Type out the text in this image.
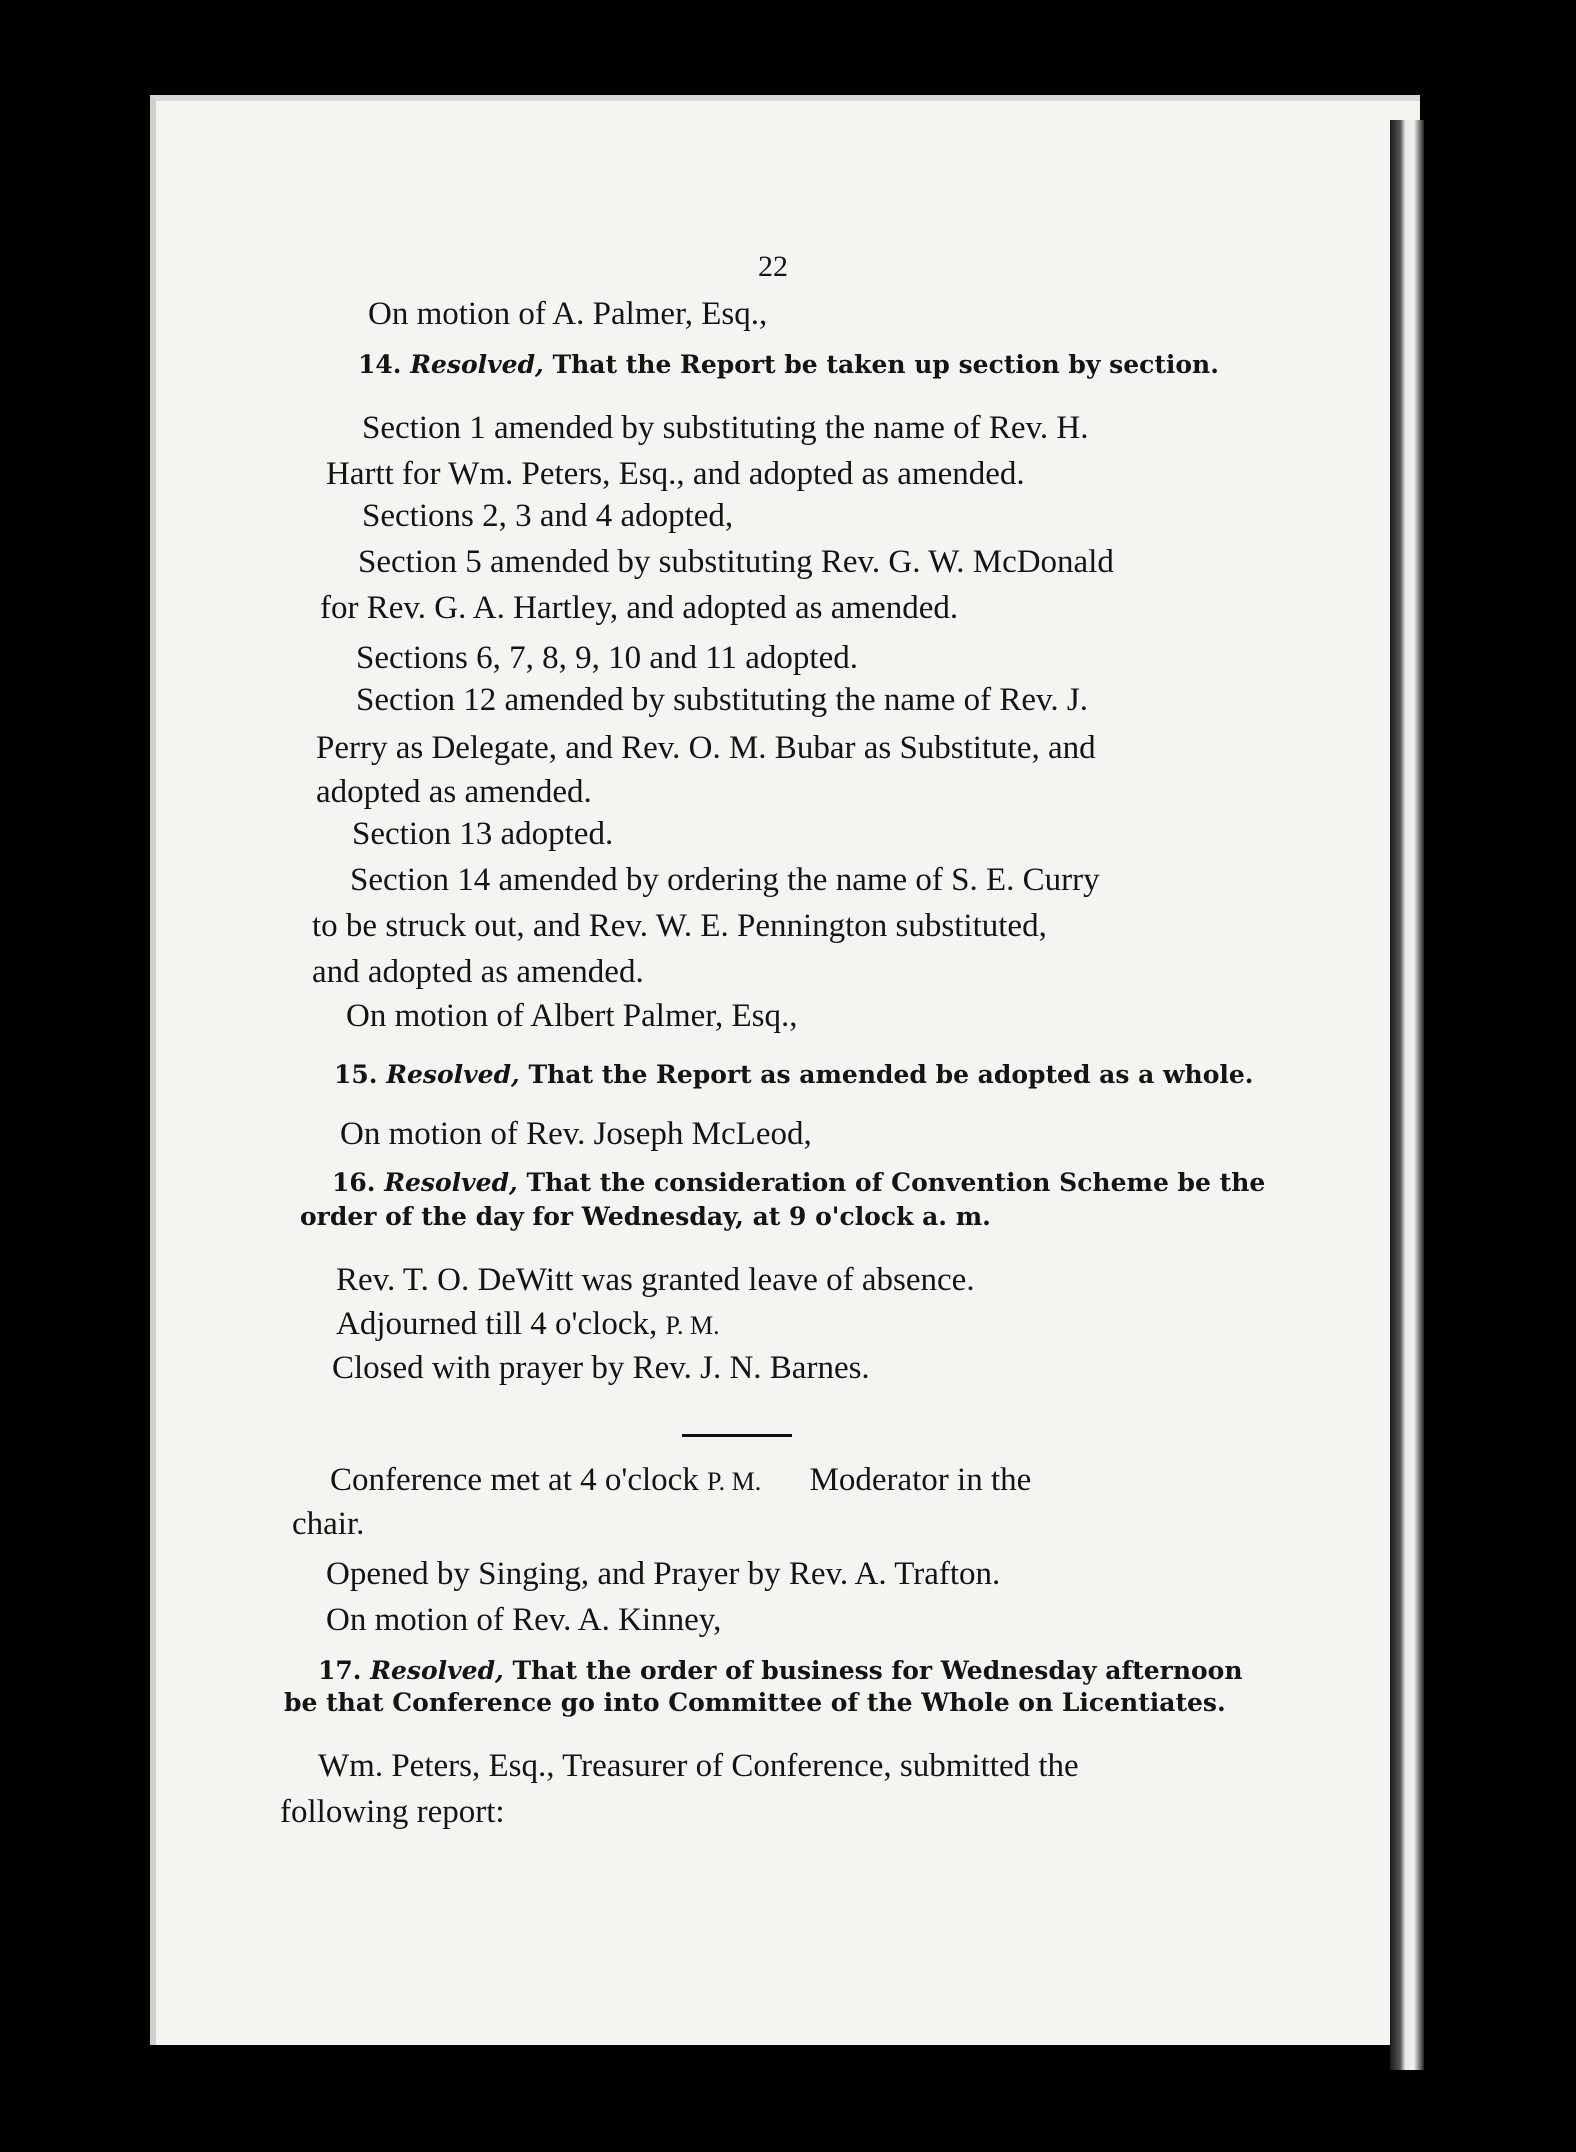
22
On motion of A. Palmer, Esq.,
14. Resolved, That the Report be taken up section by section.
Section 1 amended by substituting the name of Rev. H.
Hartt for Wm. Peters, Esq., and adopted as amended.
Sections 2, 3 and 4 adopted,
Section 5 amended by substituting Rev. G. W. McDonald
for Rev. G. A. Hartley, and adopted as amended.
Sections 6, 7, 8, 9, 10 and 11 adopted.
Section 12 amended by substituting the name of Rev. J.
Perry as Delegate, and Rev. O. M. Bubar as Substitute, and
adopted as amended.
Section 13 adopted.
Section 14 amended by ordering the name of S. E. Curry
to be struck out, and Rev. W. E. Pennington substituted,
and adopted as amended.
On motion of Albert Palmer, Esq.,
15. Resolved, That the Report as amended be adopted as a whole.
On motion of Rev. Joseph McLeod,
16. Resolved, That the consideration of Convention Scheme be the
order of the day for Wednesday, at 9 o'clock a. m.
Rev. T. O. DeWitt was granted leave of absence.
Adjourned till 4 o'clock, P. M.
Closed with prayer by Rev. J. N. Barnes.
Conference met at 4 o'clock P. M. Moderator in the
chair.
Opened by Singing, and Prayer by Rev. A. Trafton.
On motion of Rev. A. Kinney,
17. Resolved, That the order of business for Wednesday afternoon
be that Conference go into Committee of the Whole on Licentiates.
Wm. Peters, Esq., Treasurer of Conference, submitted the
following report:
